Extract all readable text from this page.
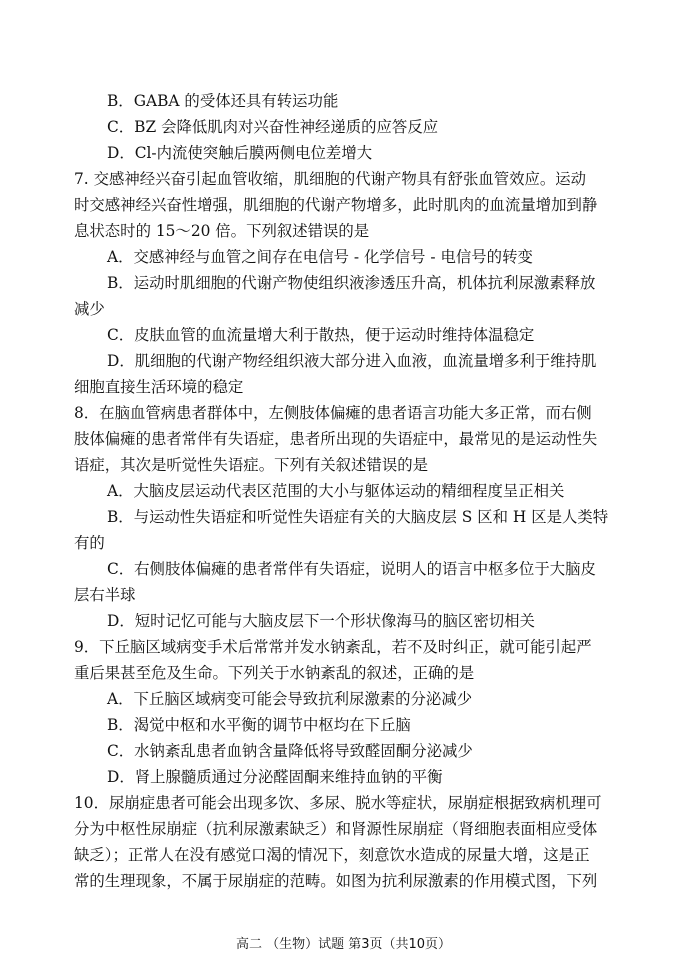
B．GABA 的受体还具有转运功能
C．BZ 会降低肌肉对兴奋性神经递质的应答反应
D．Cl-内流使突触后膜两侧电位差增大
7. 交感神经兴奋引起血管收缩，肌细胞的代谢产物具有舒张血管效应。运动
时交感神经兴奋性增强，肌细胞的代谢产物增多，此时肌肉的血流量增加到静
息状态时的 15～20 倍。下列叙述错误的是
A．交感神经与血管之间存在电信号 - 化学信号 - 电信号的转变
B．运动时肌细胞的代谢产物使组织液渗透压升高，机体抗利尿激素释放
减少
C．皮肤血管的血流量增大利于散热，便于运动时维持体温稳定
D．肌细胞的代谢产物经组织液大部分进入血液，血流量增多利于维持肌
细胞直接生活环境的稳定
8．在脑血管病患者群体中，左侧肢体偏瘫的患者语言功能大多正常，而右侧
肢体偏瘫的患者常伴有失语症，患者所出现的失语症中，最常见的是运动性失
语症，其次是听觉性失语症。下列有关叙述错误的是
A．大脑皮层运动代表区范围的大小与躯体运动的精细程度呈正相关
B．与运动性失语症和听觉性失语症有关的大脑皮层 S 区和 H 区是人类特
有的
C．右侧肢体偏瘫的患者常伴有失语症，说明人的语言中枢多位于大脑皮
层右半球
D．短时记忆可能与大脑皮层下一个形状像海马的脑区密切相关
9．下丘脑区域病变手术后常常并发水钠紊乱，若不及时纠正，就可能引起严
重后果甚至危及生命。下列关于水钠紊乱的叙述，正确的是
A．下丘脑区域病变可能会导致抗利尿激素的分泌减少
B．渴觉中枢和水平衡的调节中枢均在下丘脑
C．水钠紊乱患者血钠含量降低将导致醛固酮分泌减少
D．肾上腺髓质通过分泌醛固酮来维持血钠的平衡
10．尿崩症患者可能会出现多饮、多尿、脱水等症状，尿崩症根据致病机理可
分为中枢性尿崩症（抗利尿激素缺乏）和肾源性尿崩症（肾细胞表面相应受体
缺乏）；正常人在没有感觉口渴的情况下，刻意饮水造成的尿量大增，这是正
常的生理现象，不属于尿崩症的范畴。如图为抗利尿激素的作用模式图，下列
高二 （生物）试题 第3页（共10页）
